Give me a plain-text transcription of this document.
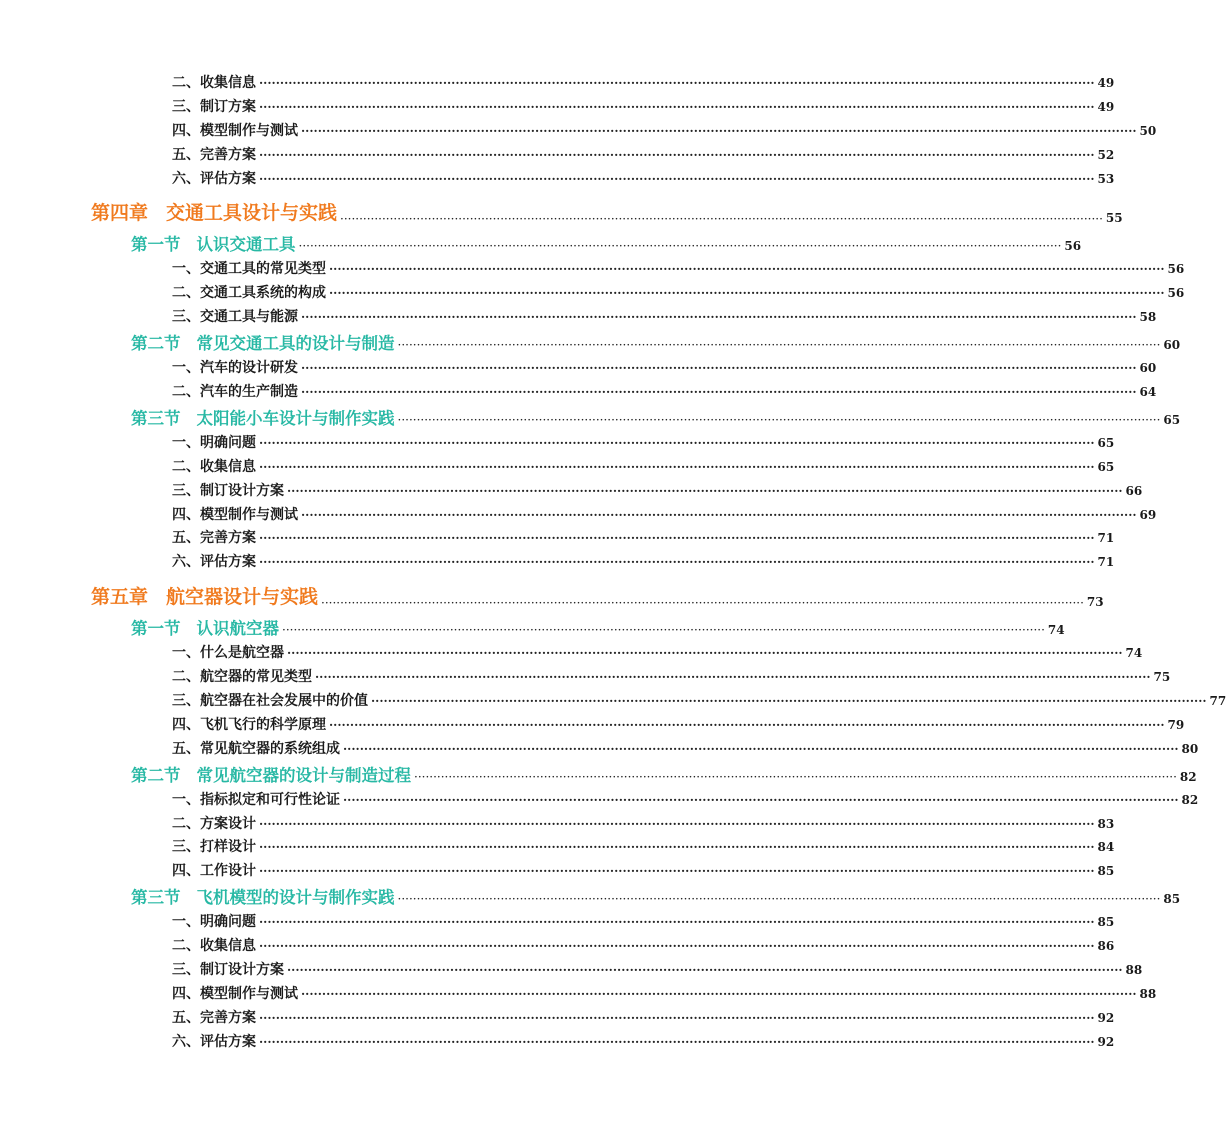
二、收集信息 ········································································································································································································ 49
三、制订方案 ········································································································································································································ 49
四、模型制作与测试 ········································································································································································································ 50
五、完善方案 ········································································································································································································ 52
六、评估方案 ········································································································································································································ 53
第四章 交通工具设计与实践 ········································································································································································································ 55
第一节 认识交通工具 ········································································································································································································ 56
一、交通工具的常见类型 ········································································································································································································ 56
二、交通工具系统的构成 ········································································································································································································ 56
三、交通工具与能源 ········································································································································································································ 58
第二节 常见交通工具的设计与制造 ········································································································································································································ 60
一、汽车的设计研发 ········································································································································································································ 60
二、汽车的生产制造 ········································································································································································································ 64
第三节 太阳能小车设计与制作实践 ········································································································································································································ 65
一、明确问题 ········································································································································································································ 65
二、收集信息 ········································································································································································································ 65
三、制订设计方案 ········································································································································································································ 66
四、模型制作与测试 ········································································································································································································ 69
五、完善方案 ········································································································································································································ 71
六、评估方案 ········································································································································································································ 71
第五章 航空器设计与实践 ········································································································································································································ 73
第一节 认识航空器 ········································································································································································································ 74
一、什么是航空器 ········································································································································································································ 74
二、航空器的常见类型 ········································································································································································································ 75
三、航空器在社会发展中的价值 ········································································································································································································ 77
四、飞机飞行的科学原理 ········································································································································································································ 79
五、常见航空器的系统组成 ········································································································································································································ 80
第二节 常见航空器的设计与制造过程 ········································································································································································································ 82
一、指标拟定和可行性论证 ········································································································································································································ 82
二、方案设计 ········································································································································································································ 83
三、打样设计 ········································································································································································································ 84
四、工作设计 ········································································································································································································ 85
第三节 飞机模型的设计与制作实践 ········································································································································································································ 85
一、明确问题 ········································································································································································································ 85
二、收集信息 ········································································································································································································ 86
三、制订设计方案 ········································································································································································································ 88
四、模型制作与测试 ········································································································································································································ 88
五、完善方案 ········································································································································································································ 92
六、评估方案 ········································································································································································································ 92
